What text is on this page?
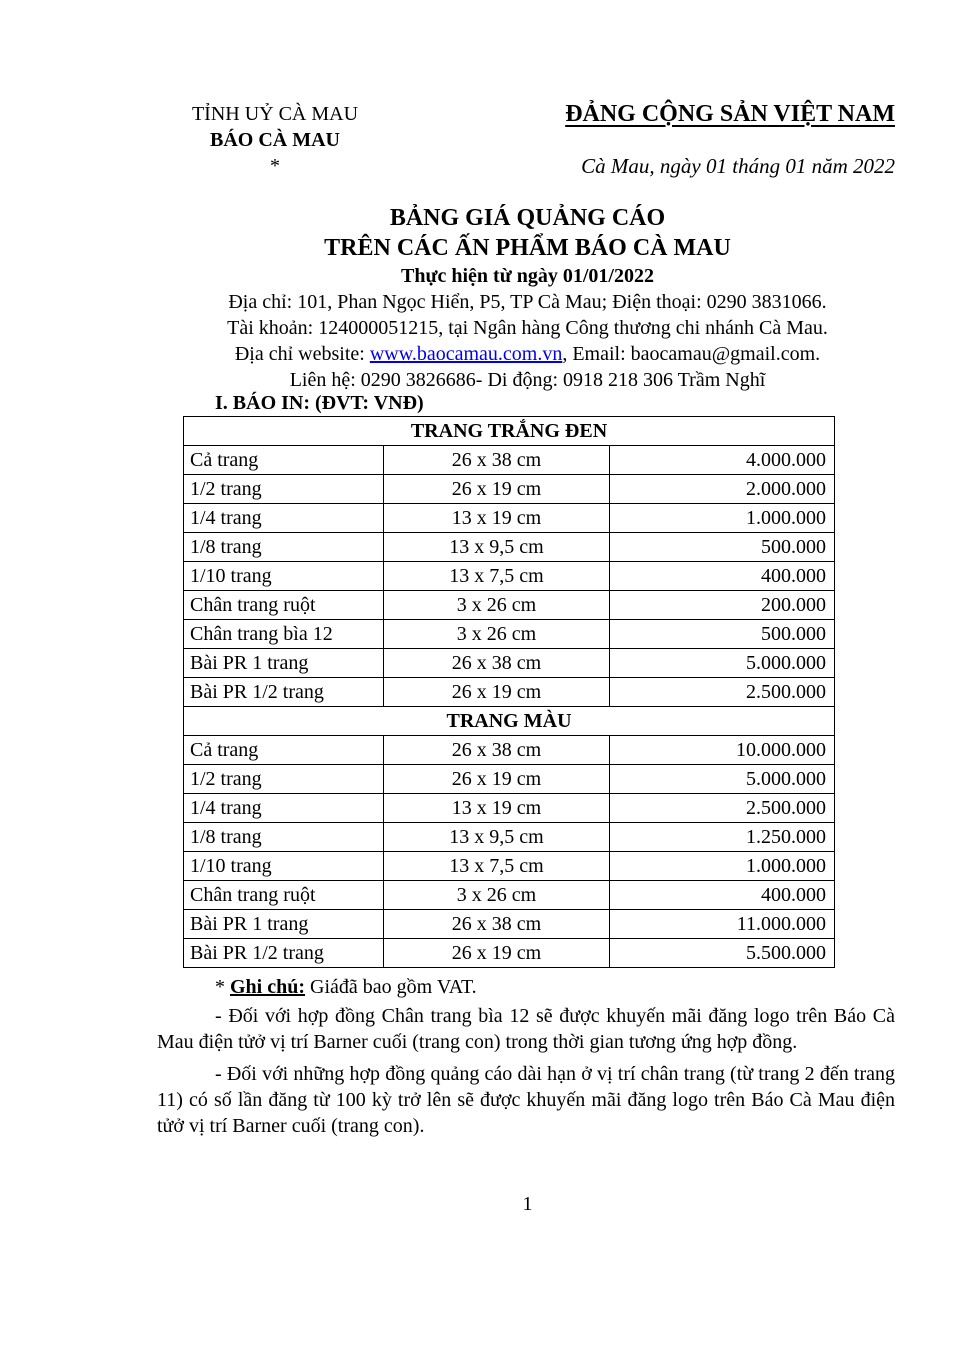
TỈNH UỶ CÀ MAU
BÁO CÀ MAU
*
ĐẢNG CỘNG SẢN VIỆT NAM
Cà Mau, ngày 01 tháng 01 năm 2022
BẢNG GIÁ QUẢNG CÁO
TRÊN CÁC ẤN PHẨM BÁO CÀ MAU
Thực hiện từ ngày 01/01/2022
Địa chỉ: 101, Phan Ngọc Hiển, P5, TP Cà Mau; Điện thoại: 0290 3831066.
Tài khoản: 124000051215, tại Ngân hàng Công thương chi nhánh Cà Mau.
Địa chỉ website: www.baocamau.com.vn, Email: baocamau@gmail.com.
Liên hệ: 0290 3826686- Di động: 0918 218 306 Trầm Nghĩ
I. BÁO IN: (ĐVT: VNĐ)
TRANG TRẮNG ĐEN		
Cả trang	26 x 38 cm	4.000.000
1/2 trang	26 x 19 cm	2.000.000
1/4 trang	13 x 19 cm	1.000.000
1/8 trang	13 x 9,5 cm	500.000
1/10 trang	13 x 7,5 cm	400.000
Chân trang ruột	3 x 26 cm	200.000
Chân trang bìa 12	3 x 26 cm	500.000
Bài PR 1 trang	26 x 38 cm	5.000.000
Bài PR 1/2 trang	26 x 19 cm	2.500.000
TRANG MÀU		
Cả trang	26 x 38 cm	10.000.000
1/2 trang	26 x 19 cm	5.000.000
1/4 trang	13 x 19 cm	2.500.000
1/8 trang	13 x 9,5 cm	1.250.000
1/10 trang	13 x 7,5 cm	1.000.000
Chân trang ruột	3 x 26 cm	400.000
Bài PR 1 trang	26 x 38 cm	11.000.000
Bài PR 1/2 trang	26 x 19 cm	5.500.000

* Ghi chú: Giáđã bao gồm VAT.

- Đối với hợp đồng Chân trang bìa 12 sẽ được khuyến mãi đăng logo trên Báo Cà Mau điện tửở vị trí Barner cuối (trang con) trong thời gian tương ứng hợp đồng.

- Đối với những hợp đồng quảng cáo dài hạn ở vị trí chân trang (từ trang 2 đến trang 11) có số lần đăng từ 100 kỳ trở lên sẽ được khuyến mãi đăng logo trên Báo Cà Mau điện tửở vị trí Barner cuối (trang con).

1
